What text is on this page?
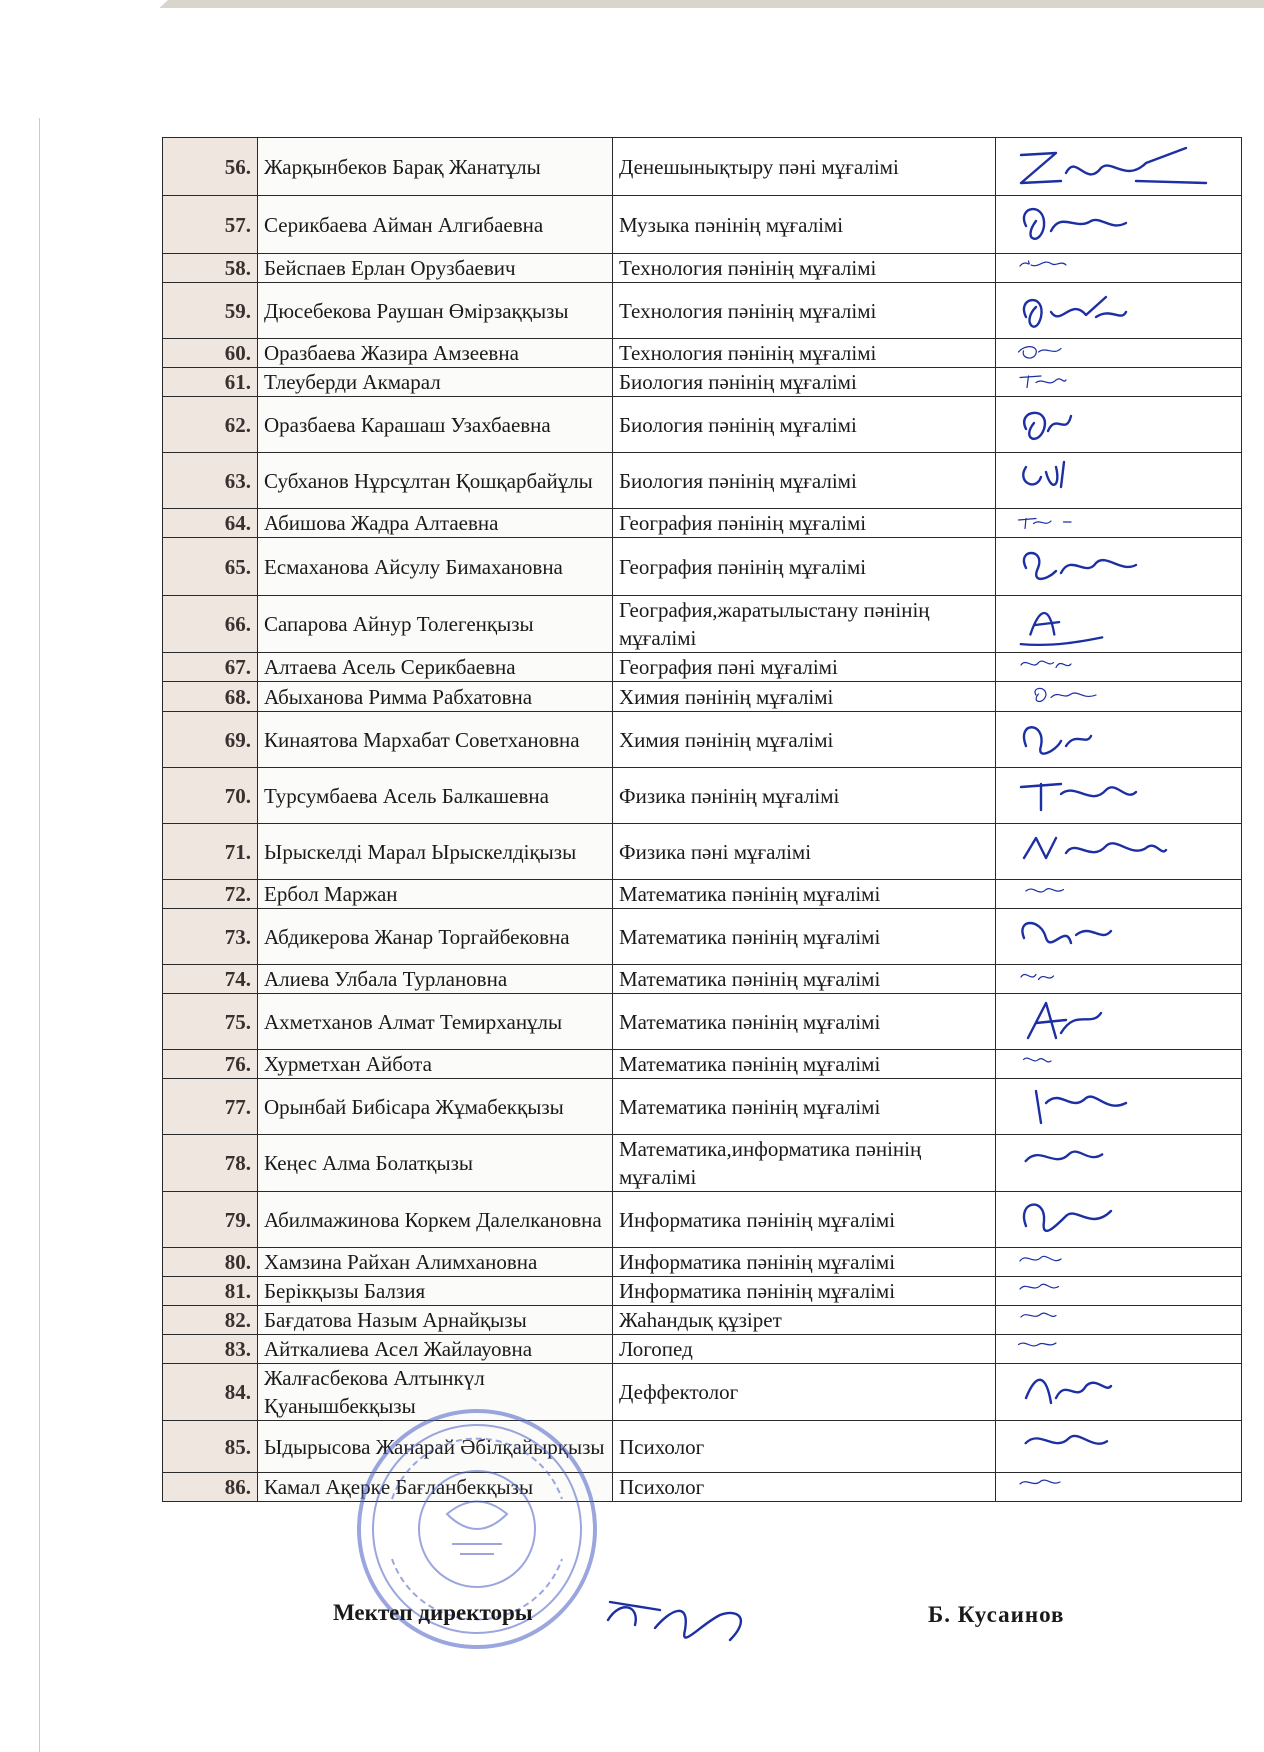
56.	Жарқынбеков Барақ Жанатұлы	Денешынықтыру пәні мұғалімі	

57.	Серикбаева Айман Алгибаевна	Музыка пәнінің мұғалімі	

58.	Бейспаев Ерлан Орузбаевич	Технология пәнінің мұғалімі	

59.	Дюсебекова Раушан Өмірзаққызы	Технология пәнінің мұғалімі	

60.	Оразбаева Жазира Амзеевна	Технология пәнінің мұғалімі	

61.	Тлеуберди Акмарал	Биология пәнінің мұғалімі	

62.	Оразбаева Карашаш Узахбаевна	Биология пәнінің мұғалімі	

63.	Субханов Нұрсұлтан Қошқарбайұлы	Биология пәнінің мұғалімі	

64.	Абишова Жадра Алтаевна	География пәнінің мұғалімі	

65.	Есмаханова Айсулу Бимахановна	География пәнінің мұғалімі	

66.	Сапарова Айнур Толегенқызы	География,жаратылыстану пәнінің мұғалімі	

67.	Алтаева Асель Серикбаевна	География пәні мұғалімі	

68.	Абыханова Римма Рабхатовна	Химия пәнінің мұғалімі	

69.	Кинаятова Мархабат Советхановна	Химия пәнінің мұғалімі	

70.	Турсумбаева Асель Балкашевна	Физика пәнінің мұғалімі	

71.	Ырыскелді Марал Ырыскелдіқызы	Физика пәні мұғалімі	

72.	Ербол Маржан	Математика пәнінің мұғалімі	

73.	Абдикерова Жанар Торгайбековна	Математика пәнінің мұғалімі	

74.	Алиева Улбала Турлановна	Математика пәнінің мұғалімі	

75.	Ахметханов Алмат Темирханұлы	Математика пәнінің мұғалімі	

76.	Хурметхан Айбота	Математика пәнінің мұғалімі	

77.	Орынбай Бибісара Жұмабекқызы	Математика пәнінің мұғалімі	

78.	Кеңес Алма Болатқызы	Математика,информатика пәнінің мұғалімі	

79.	Абилмажинова Коркем Далелкановна	Информатика пәнінің мұғалімі	

80.	Хамзина Райхан Алимхановна	Информатика пәнінің мұғалімі	

81.	Берікқызы Балзия	Информатика пәнінің мұғалімі	

82.	Бағдатова Назым Арнайқызы	Жаһандық құзірет	

83.	Айткалиева Асел Жайлауовна	Логопед	

84.	Жалғасбекова Алтынкүл Қуанышбекқызы	Деффектолог	

85.	Ыдырысова Жанарай Әбілқайырқызы	Психолог	

86.	Камал Ақеркe Бағланбекқызы	Психолог	
Мектеп директоры	Б. Кусаинов
